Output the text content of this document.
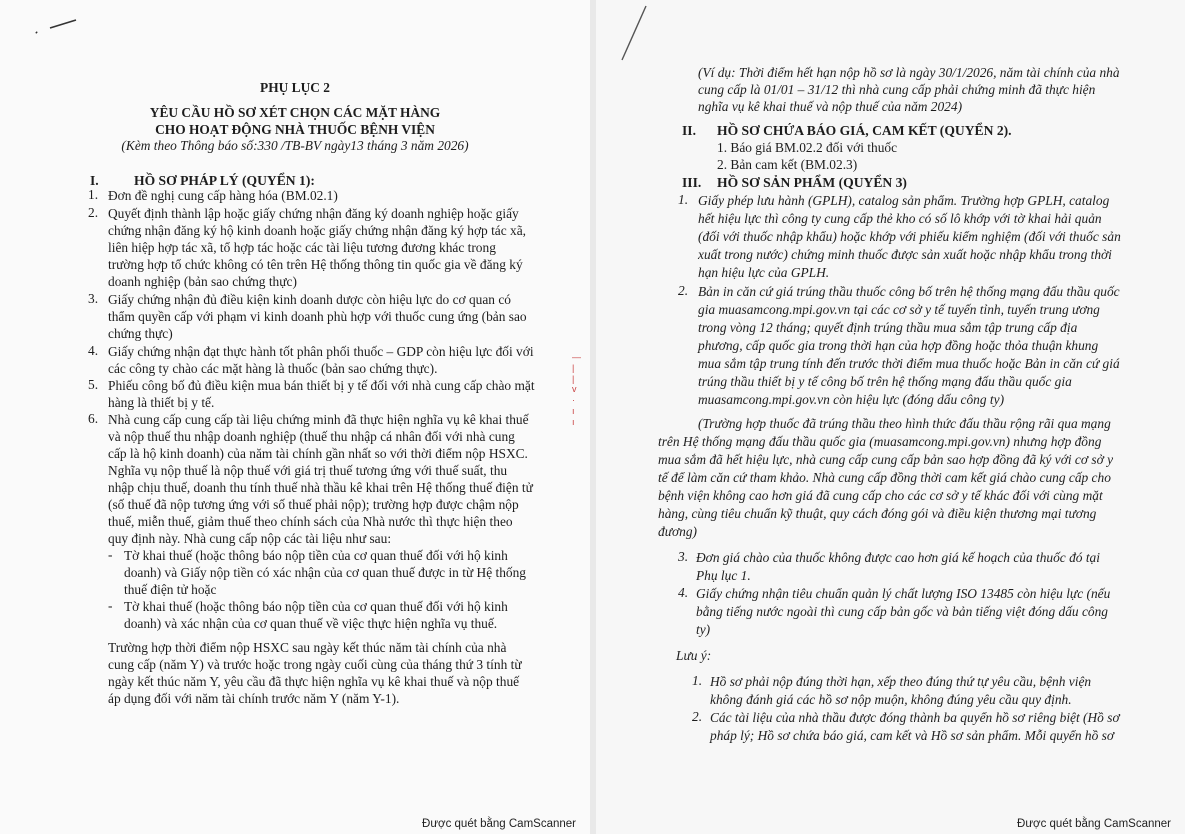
PHỤ LỤC 2
YÊU CẦU HỒ SƠ XÉT CHỌN CÁC MẶT HÀNG
CHO HOẠT ĐỘNG NHÀ THUỐC BỆNH VIỆN
(Kèm theo Thông báo số:330 /TB-BV ngày13 tháng 3 năm 2026)
I.	HỒ SƠ PHÁP LÝ (QUYỂN 1):
1. Đơn đề nghị cung cấp hàng hóa (BM.02.1)
2. Quyết định thành lập hoặc giấy chứng nhận đăng ký doanh nghiệp hoặc giấy
chứng nhận đăng ký hộ kinh doanh hoặc giấy chứng nhận đăng ký hợp tác xã,
liên hiệp hợp tác xã, tổ hợp tác hoặc các tài liệu tương đương khác trong
trường hợp tổ chức không có tên trên Hệ thống thông tin quốc gia về đăng ký
doanh nghiệp (bản sao chứng thực)
3. Giấy chứng nhận đủ điều kiện kinh doanh dược còn hiệu lực do cơ quan có
thẩm quyền cấp với phạm vi kinh doanh phù hợp với thuốc cung ứng (bản sao
chứng thực)
4. Giấy chứng nhận đạt thực hành tốt phân phối thuốc – GDP còn hiệu lực đối với
các công ty chào các mặt hàng là thuốc (bản sao chứng thực).
5. Phiếu công bố đủ điều kiện mua bán thiết bị y tế đối với nhà cung cấp chào mặt
hàng là thiết bị y tế.
6. Nhà cung cấp cung cấp tài liệu chứng minh đã thực hiện nghĩa vụ kê khai thuế
và nộp thuế thu nhập doanh nghiệp (thuế thu nhập cá nhân đối với nhà cung
cấp là hộ kinh doanh) của năm tài chính gần nhất so với thời điểm nộp HSXC.
Nghĩa vụ nộp thuế là nộp thuế với giá trị thuế tương ứng với thuế suất, thu
nhập chịu thuế, doanh thu tính thuế nhà thầu kê khai trên Hệ thống thuế điện tử
(số thuế đã nộp tương ứng với số thuế phải nộp); trường hợp được chậm nộp
thuế, miễn thuế, giảm thuế theo chính sách của Nhà nước thì thực hiện theo
quy định này. Nhà cung cấp nộp các tài liệu như sau:
- Tờ khai thuế (hoặc thông báo nộp tiền của cơ quan thuế đối với hộ kinh
doanh) và Giấy nộp tiền có xác nhận của cơ quan thuế được in từ Hệ thống
thuế điện tử hoặc
- Tờ khai thuế (hoặc thông báo nộp tiền của cơ quan thuế đối với hộ kinh
doanh) và xác nhận của cơ quan thuế về việc thực hiện nghĩa vụ thuế.
Trường hợp thời điểm nộp HSXC sau ngày kết thúc năm tài chính của nhà
cung cấp (năm Y) và trước hoặc trong ngày cuối cùng của tháng thứ 3 tính từ
ngày kết thúc năm Y, yêu cầu đã thực hiện nghĩa vụ kê khai thuế và nộp thuế
áp dụng đối với năm tài chính trước năm Y (năm Y-1).
—
|
|
v
·
ı
ı
Được quét bằng CamScanner
(Ví dụ: Thời điểm hết hạn nộp hồ sơ là ngày 30/1/2026, năm tài chính của nhà
cung cấp là 01/01 – 31/12 thì nhà cung cấp phải chứng minh đã thực hiện
nghĩa vụ kê khai thuế và nộp thuế của năm 2024)
II. HỒ SƠ CHỨA BÁO GIÁ, CAM KẾT (QUYỂN 2).
1. Báo giá BM.02.2 đối với thuốc
2. Bản cam kết (BM.02.3)
III. HỒ SƠ SẢN PHẨM (QUYỂN 3)
1. Giấy phép lưu hành (GPLH), catalog sản phẩm. Trường hợp GPLH, catalog
hết hiệu lực thì công ty cung cấp thẻ kho có số lô khớp với tờ khai hải quản
(đối với thuốc nhập khẩu) hoặc khớp với phiếu kiểm nghiệm (đối với thuốc sản
xuất trong nước) chứng minh thuốc được sản xuất hoặc nhập khẩu trong thời
hạn hiệu lực của GPLH.
2. Bản in căn cứ giá trúng thầu thuốc công bố trên hệ thống mạng đấu thầu quốc
gia muasamcong.mpi.gov.vn tại các cơ sở y tế tuyến tỉnh, tuyến trung ương
trong vòng 12 tháng; quyết định trúng thầu mua sắm tập trung cấp địa
phương, cấp quốc gia trong thời hạn của hợp đồng hoặc thỏa thuận khung
mua sắm tập trung tính đến trước thời điểm mua thuốc hoặc Bản in căn cứ giá
trúng thầu thiết bị y tế công bố trên hệ thống mạng đấu thầu quốc gia
muasamcong.mpi.gov.vn còn hiệu lực (đóng dấu công ty)
(Trường hợp thuốc đã trúng thầu theo hình thức đấu thầu rộng rãi qua mạng
trên Hệ thống mạng đấu thầu quốc gia (muasamcong.mpi.gov.vn) nhưng hợp đồng
mua sắm đã hết hiệu lực, nhà cung cấp cung cấp bản sao hợp đồng đã ký với cơ sở y
tế để làm căn cứ tham khảo. Nhà cung cấp đồng thời cam kết giá chào cung cấp cho
bệnh viện không cao hơn giá đã cung cấp cho các cơ sở y tế khác đối với cùng mặt
hàng, cùng tiêu chuẩn kỹ thuật, quy cách đóng gói và điều kiện thương mại tương
đương)
3. Đơn giá chào của thuốc không được cao hơn giá kế hoạch của thuốc đó tại
Phụ lục 1.
4. Giấy chứng nhận tiêu chuẩn quản lý chất lượng ISO 13485 còn hiệu lực (nếu
bằng tiếng nước ngoài thì cung cấp bản gốc và bản tiếng việt đóng dấu công
ty)
Lưu ý:
1. Hồ sơ phải nộp đúng thời hạn, xếp theo đúng thứ tự yêu cầu, bệnh viện
không đánh giá các hồ sơ nộp muộn, không đúng yêu cầu quy định.
2. Các tài liệu của nhà thầu được đóng thành ba quyển hồ sơ riêng biệt (Hồ sơ
pháp lý; Hồ sơ chứa báo giá, cam kết và Hồ sơ sản phẩm. Mỗi quyển hồ sơ
Được quét bằng CamScanner
